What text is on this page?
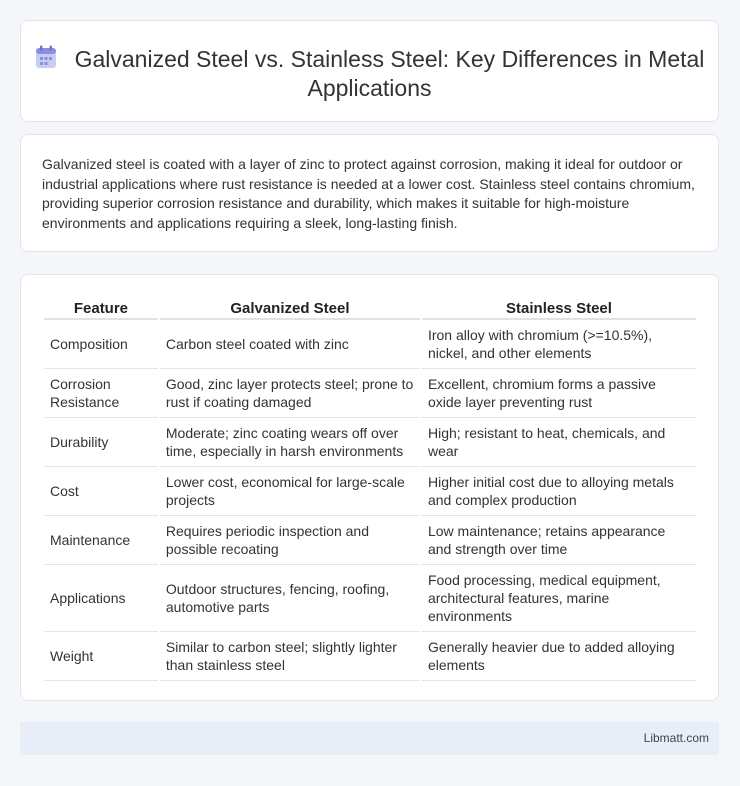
Galvanized Steel vs. Stainless Steel: Key Differences in Metal Applications

Galvanized steel is coated with a layer of zinc to protect against corrosion, making it ideal for outdoor or industrial applications where rust resistance is needed at a lower cost. Stainless steel contains chromium, providing superior corrosion resistance and durability, which makes it suitable for high-moisture environments and applications requiring a sleek, long-lasting finish.

Feature	Galvanized Steel	Stainless Steel
Composition	Carbon steel coated with zinc	Iron alloy with chromium (>=10.5%), nickel, and other elements
Corrosion Resistance	Good, zinc layer protects steel; prone to rust if coating damaged	Excellent, chromium forms a passive oxide layer preventing rust
Durability	Moderate; zinc coating wears off over time, especially in harsh environments	High; resistant to heat, chemicals, and wear
Cost	Lower cost, economical for large-scale projects	Higher initial cost due to alloying metals and complex production
Maintenance	Requires periodic inspection and possible recoating	Low maintenance; retains appearance and strength over time
Applications	Outdoor structures, fencing, roofing, automotive parts	Food processing, medical equipment, architectural features, marine environments
Weight	Similar to carbon steel; slightly lighter than stainless steel	Generally heavier due to added alloying elements
Libmatt.com
